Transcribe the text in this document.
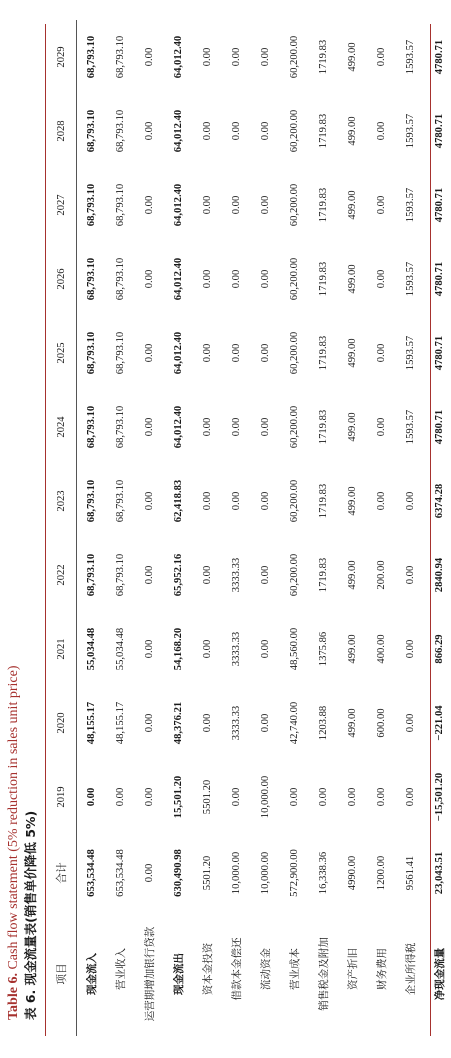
Table 6. Cash flow statement (5% reduction in sales unit price)
表 6. 现金流量表(销售单价降低 5%) 项目	合计	2019	2020	2021	2022	2023	2024	2025	2026	2027	2028	2029
现金流入	653,534.48	0.00	48,155.17	55,034.48	68,793.10	68,793.10	68,793.10	68,793.10	68,793.10	68,793.10	68,793.10	68,793.10
营业收入	653,534.48	0.00	48,155.17	55,034.48	68,793.10	68,793.10	68,793.10	68,793.10	68,793.10	68,793.10	68,793.10	68,793.10
运营期增加银行贷款	0.00	0.00	0.00	0.00	0.00	0.00	0.00	0.00	0.00	0.00	0.00	0.00
现金流出	630,490.98	15,501.20	48,376.21	54,168.20	65,952.16	62,418.83	64,012.40	64,012.40	64,012.40	64,012.40	64,012.40	64,012.40
资本金投资	5501.20	5501.20	0.00	0.00	0.00	0.00	0.00	0.00	0.00	0.00	0.00	0.00
借款本金偿还	10,000.00	0.00	3333.33	3333.33	3333.33	0.00	0.00	0.00	0.00	0.00	0.00	0.00
流动资金	10,000.00	10,000.00	0.00	0.00	0.00	0.00	0.00	0.00	0.00	0.00	0.00	0.00
营业成本	572,900.00	0.00	42,740.00	48,560.00	60,200.00	60,200.00	60,200.00	60,200.00	60,200.00	60,200.00	60,200.00	60,200.00
销售税金及附加	16,338.36	0.00	1203.88	1375.86	1719.83	1719.83	1719.83	1719.83	1719.83	1719.83	1719.83	1719.83
资产折旧	4990.00	0.00	499.00	499.00	499.00	499.00	499.00	499.00	499.00	499.00	499.00	499.00
财务费用	1200.00	0.00	600.00	400.00	200.00	0.00	0.00	0.00	0.00	0.00	0.00	0.00
企业所得税	9561.41	0.00	0.00	0.00	0.00	0.00	1593.57	1593.57	1593.57	1593.57	1593.57	1593.57
净现金流量	23,043.51	−15,501.20	−221.04	866.29	2840.94	6374.28	4780.71	4780.71	4780.71	4780.71	4780.71	4780.71
